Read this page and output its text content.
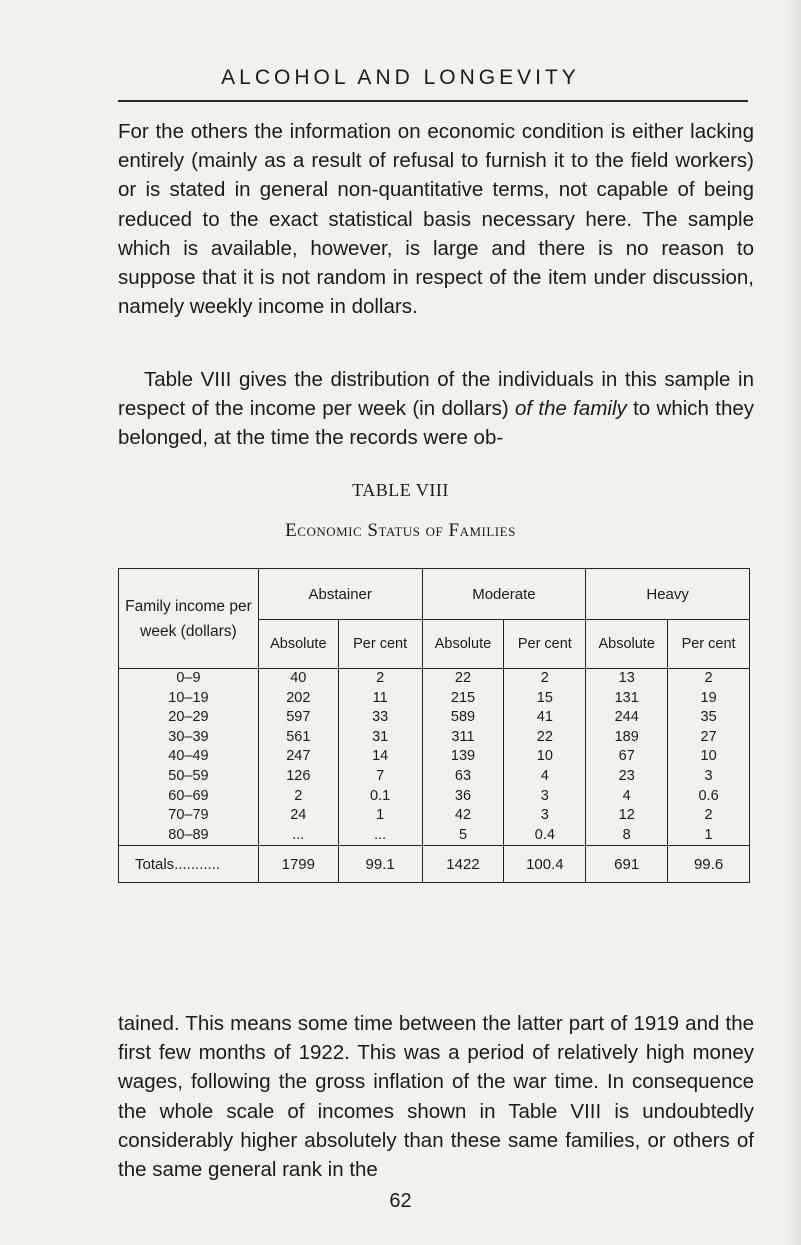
ALCOHOL AND LONGEVITY

For the others the information on economic condition is either lacking entirely (mainly as a result of refusal to furnish it to the field workers) or is stated in general non-quantitative terms, not capable of being reduced to the exact statistical basis necessary here. The sample which is available, however, is large and there is no reason to suppose that it is not random in respect of the item under discussion, namely weekly income in dollars.

Table VIII gives the distribution of the individuals in this sample in respect of the income per week (in dollars) of the family to which they belonged, at the time the records were ob-

TABLE VIII
Economic Status of Families
Family income per week (dollars)	Abstainer		Moderate		Heavy	
	Absolute	Per cent	Absolute	Per cent	Absolute	Per cent
0–9	40	2	22	2	13	2
10–19	202	11	215	15	131	19
20–29	597	33	589	41	244	35
30–39	561	31	311	22	189	27
40–49	247	14	139	10	67	10
50–59	126	7	63	4	23	3
60–69	2	0.1	36	3	4	0.6
70–79	24	1	42	3	12	2
80–89	...	...	5	0.4	8	1
Totals...........	1799	99.1	1422	100.4	691	99.6

tained. This means some time between the latter part of 1919 and the first few months of 1922. This was a period of relatively high money wages, following the gross inflation of the war time. In consequence the whole scale of incomes shown in Table VIII is undoubtedly considerably higher absolutely than these same families, or others of the same general rank in the

62
